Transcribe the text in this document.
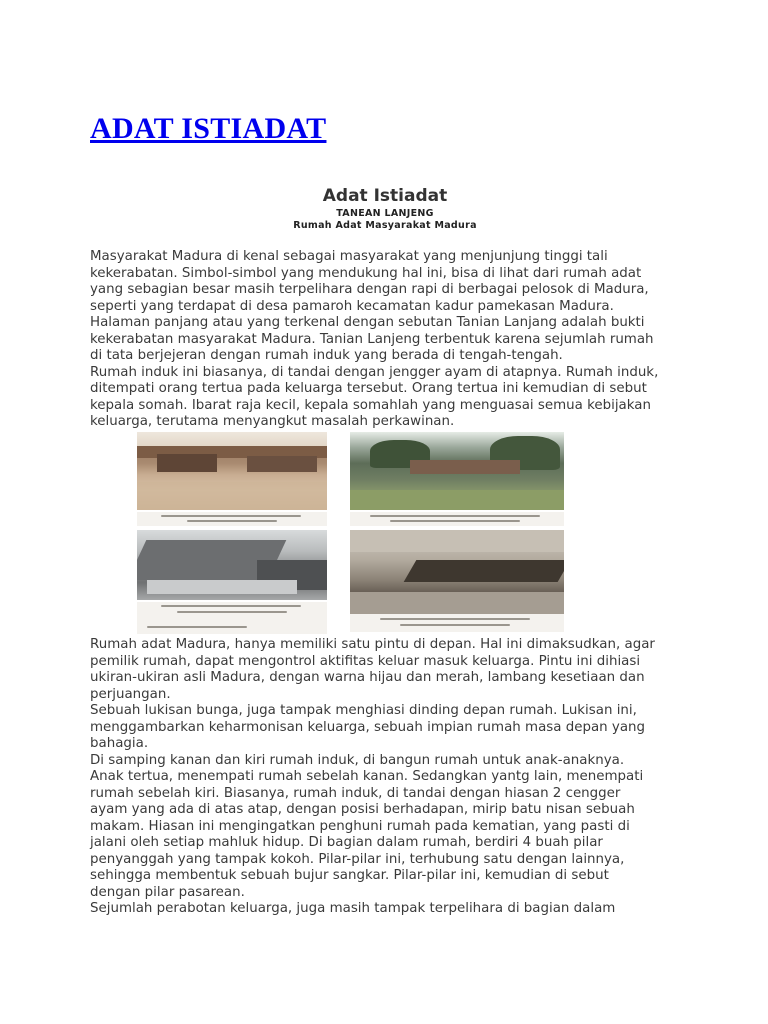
ADAT ISTIADAT
Adat Istiadat
TANEAN LANJENG
Rumah Adat Masyarakat Madura

Masyarakat Madura di kenal sebagai masyarakat yang menjunjung tinggi tali
kekerabatan. Simbol-simbol yang mendukung hal ini, bisa di lihat dari rumah adat
yang sebagian besar masih terpelihara dengan rapi di berbagai pelosok di Madura,
seperti yang terdapat di desa pamaroh kecamatan kadur pamekasan Madura.
Halaman panjang atau yang terkenal dengan sebutan Tanian Lanjang adalah bukti
kekerabatan masyarakat Madura. Tanian Lanjeng terbentuk karena sejumlah rumah
di tata berjejeran dengan rumah induk yang berada di tengah-tengah.
Rumah induk ini biasanya, di tandai dengan jengger ayam di atapnya. Rumah induk,
ditempati orang tertua pada keluarga tersebut. Orang tertua ini kemudian di sebut
kepala somah. Ibarat raja kecil, kepala somahlah yang menguasai semua kebijakan
keluarga, terutama menyangkut masalah perkawinan.

Rumah adat Madura, hanya memiliki satu pintu di depan. Hal ini dimaksudkan, agar
pemilik rumah, dapat mengontrol aktifitas keluar masuk keluarga. Pintu ini dihiasi
ukiran-ukiran asli Madura, dengan warna hijau dan merah, lambang kesetiaan dan
perjuangan.
Sebuah lukisan bunga, juga tampak menghiasi dinding depan rumah. Lukisan ini,
menggambarkan keharmonisan keluarga, sebuah impian rumah masa depan yang
bahagia.
Di samping kanan dan kiri rumah induk, di bangun rumah untuk anak-anaknya.
Anak tertua, menempati rumah sebelah kanan. Sedangkan yantg lain, menempati
rumah sebelah kiri. Biasanya, rumah induk, di tandai dengan hiasan 2 cengger
ayam yang ada di atas atap, dengan posisi berhadapan, mirip batu nisan sebuah
makam. Hiasan ini mengingatkan penghuni rumah pada kematian, yang pasti di
jalani oleh setiap mahluk hidup. Di bagian dalam rumah, berdiri 4 buah pilar
penyanggah yang tampak kokoh. Pilar-pilar ini, terhubung satu dengan lainnya,
sehingga membentuk sebuah bujur sangkar. Pilar-pilar ini, kemudian di sebut
dengan pilar pasarean.
Sejumlah perabotan keluarga, juga masih tampak terpelihara di bagian dalam
